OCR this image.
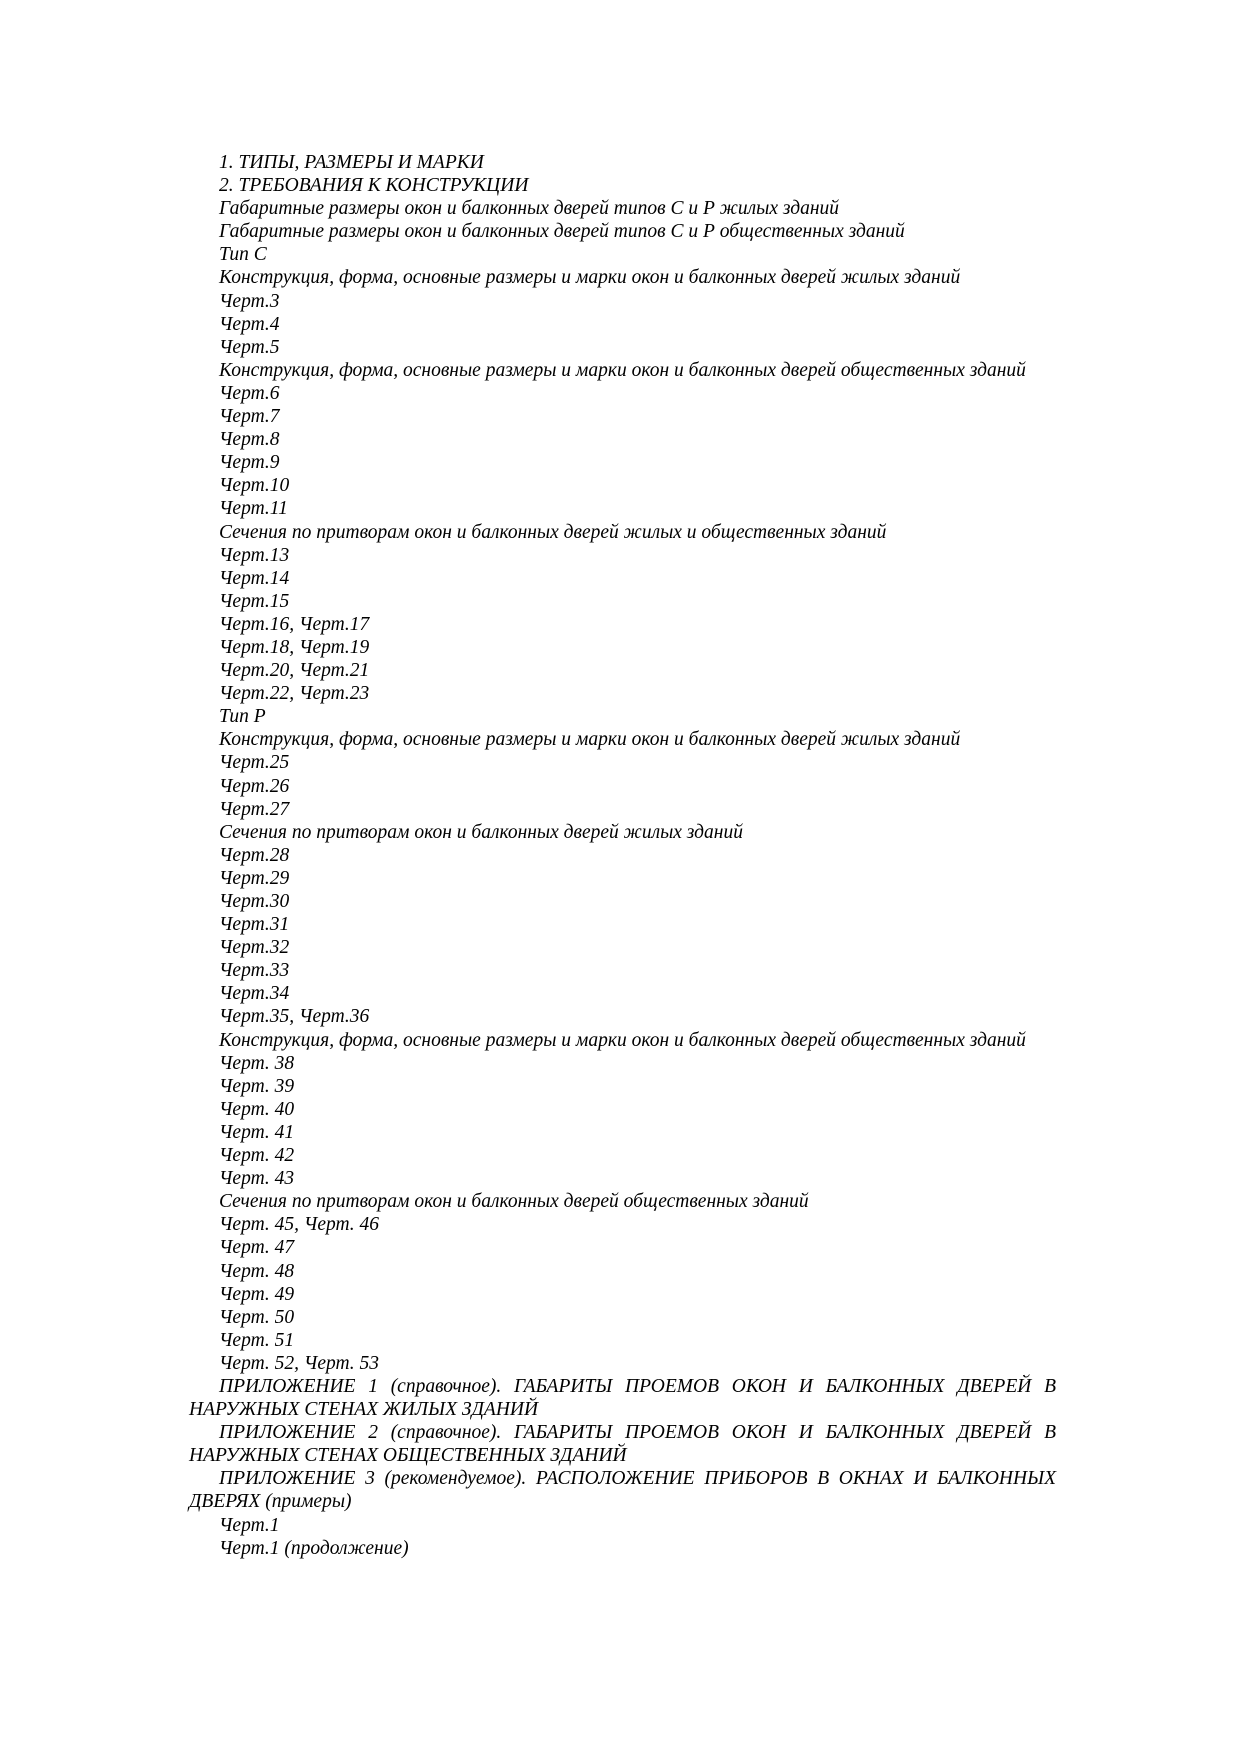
1. ТИПЫ, РАЗМЕРЫ И МАРКИ

2. ТРЕБОВАНИЯ К КОНСТРУКЦИИ

Габаритные размеры окон и балконных дверей типов С и Р жилых зданий

Габаритные размеры окон и балконных дверей типов С и Р общественных зданий

Тип С

Конструкция, форма, основные размеры и марки окон и балконных дверей жилых зданий

Черт.3

Черт.4

Черт.5

Конструкция, форма, основные размеры и марки окон и балконных дверей общественных зданий

Черт.6

Черт.7

Черт.8

Черт.9

Черт.10

Черт.11

Сечения по притворам окон и балконных дверей жилых и общественных зданий

Черт.13

Черт.14

Черт.15

Черт.16, Черт.17

Черт.18, Черт.19

Черт.20, Черт.21

Черт.22, Черт.23

Тип Р

Конструкция, форма, основные размеры и марки окон и балконных дверей жилых зданий

Черт.25

Черт.26

Черт.27

Сечения по притворам окон и балконных дверей жилых зданий

Черт.28

Черт.29

Черт.30

Черт.31

Черт.32

Черт.33

Черт.34

Черт.35, Черт.36

Конструкция, форма, основные размеры и марки окон и балконных дверей общественных зданий

Черт. 38

Черт. 39

Черт. 40

Черт. 41

Черт. 42

Черт. 43

Сечения по притворам окон и балконных дверей общественных зданий

Черт. 45, Черт. 46

Черт. 47

Черт. 48

Черт. 49

Черт. 50

Черт. 51

Черт. 52, Черт. 53

ПРИЛОЖЕНИЕ 1 (справочное). ГАБАРИТЫ ПРОЕМОВ ОКОН И БАЛКОННЫХ ДВЕРЕЙ В НАРУЖНЫХ СТЕНАХ ЖИЛЫХ ЗДАНИЙ

ПРИЛОЖЕНИЕ 2 (справочное). ГАБАРИТЫ ПРОЕМОВ ОКОН И БАЛКОННЫХ ДВЕРЕЙ В НАРУЖНЫХ СТЕНАХ ОБЩЕСТВЕННЫХ ЗДАНИЙ

ПРИЛОЖЕНИЕ 3 (рекомендуемое). РАСПОЛОЖЕНИЕ ПРИБОРОВ В ОКНАХ И БАЛКОННЫХ ДВЕРЯХ (примеры)

Черт.1

Черт.1 (продолжение)
